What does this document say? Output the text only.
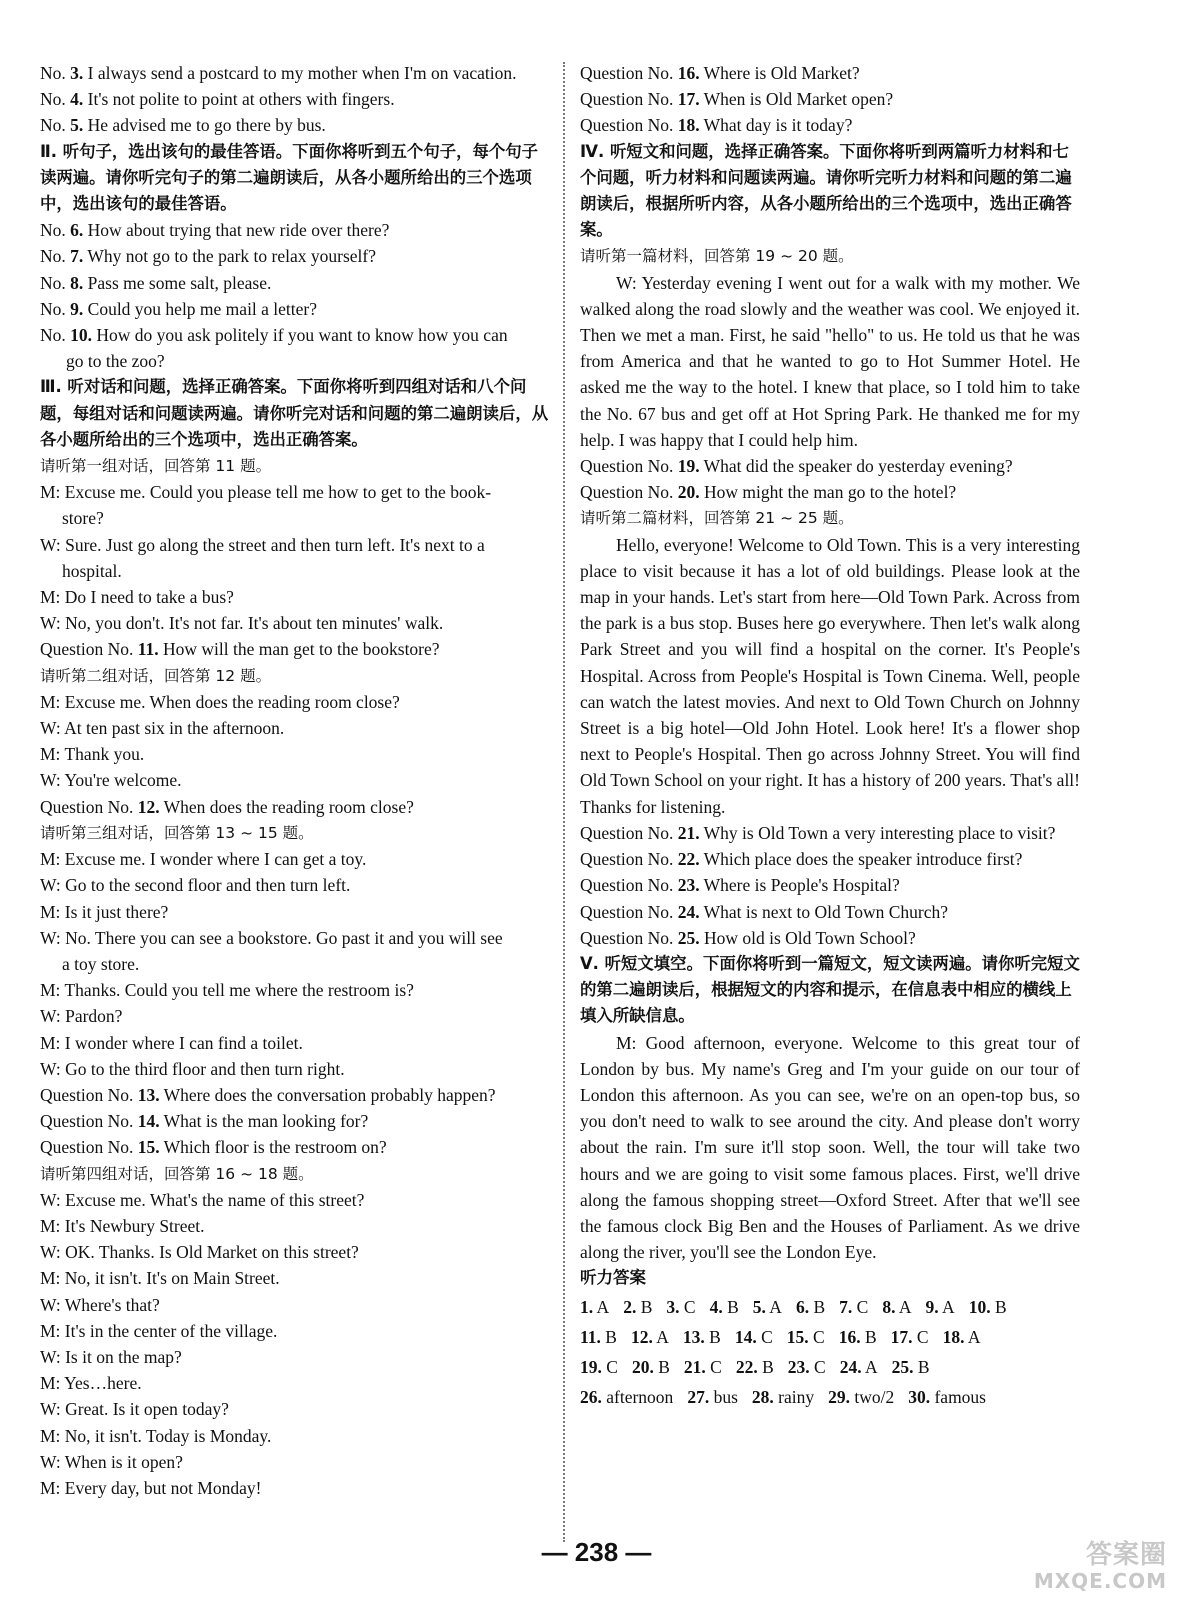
No. 3. I always send a postcard to my mother when I'm on vacation.
No. 4. It's not polite to point at others with fingers.
No. 5. He advised me to go there by bus.
Ⅱ. 听句子，选出该句的最佳答语。下面你将听到五个句子，每个句子读两遍。请你听完句子的第二遍朗读后，从各小题所给出的三个选项中，选出该句的最佳答语。
No. 6. How about trying that new ride over there?
No. 7. Why not go to the park to relax yourself?
No. 8. Pass me some salt, please.
No. 9. Could you help me mail a letter?
No. 10. How do you ask politely if you want to know how you can
go to the zoo?
Ⅲ. 听对话和问题，选择正确答案。下面你将听到四组对话和八个问题，每组对话和问题读两遍。请你听完对话和问题的第二遍朗读后，从各小题所给出的三个选项中，选出正确答案。
请听第一组对话，回答第 11 题。
M: Excuse me. Could you please tell me how to get to the book-
store?
W: Sure. Just go along the street and then turn left. It's next to a
hospital.
M: Do I need to take a bus?
W: No, you don't. It's not far. It's about ten minutes' walk.
Question No. 11. How will the man get to the bookstore?
请听第二组对话，回答第 12 题。
M: Excuse me. When does the reading room close?
W: At ten past six in the afternoon.
M: Thank you.
W: You're welcome.
Question No. 12. When does the reading room close?
请听第三组对话，回答第 13 ~ 15 题。
M: Excuse me. I wonder where I can get a toy.
W: Go to the second floor and then turn left.
M: Is it just there?
W: No. There you can see a bookstore. Go past it and you will see
a toy store.
M: Thanks. Could you tell me where the restroom is?
W: Pardon?
M: I wonder where I can find a toilet.
W: Go to the third floor and then turn right.
Question No. 13. Where does the conversation probably happen?
Question No. 14. What is the man looking for?
Question No. 15. Which floor is the restroom on?
请听第四组对话，回答第 16 ~ 18 题。
W: Excuse me. What's the name of this street?
M: It's Newbury Street.
W: OK. Thanks. Is Old Market on this street?
M: No, it isn't. It's on Main Street.
W: Where's that?
M: It's in the center of the village.
W: Is it on the map?
M: Yes…here.
W: Great. Is it open today?
M: No, it isn't. Today is Monday.
W: When is it open?
M: Every day, but not Monday!
Question No. 16. Where is Old Market?
Question No. 17. When is Old Market open?
Question No. 18. What day is it today?
Ⅳ. 听短文和问题，选择正确答案。下面你将听到两篇听力材料和七个问题，听力材料和问题读两遍。请你听完听力材料和问题的第二遍朗读后，根据所听内容，从各小题所给出的三个选项中，选出正确答案。
请听第一篇材料，回答第 19 ~ 20 题。
W: Yesterday evening I went out for a walk with my mother. We walked along the road slowly and the weather was cool. We enjoyed it. Then we met a man. First, he said "hello" to us. He told us that he was from America and that he wanted to go to Hot Summer Hotel. He asked me the way to the hotel. I knew that place, so I told him to take the No. 67 bus and get off at Hot Spring Park. He thanked me for my help. I was happy that I could help him.
Question No. 19. What did the speaker do yesterday evening?
Question No. 20. How might the man go to the hotel?
请听第二篇材料，回答第 21 ~ 25 题。
Hello, everyone! Welcome to Old Town. This is a very interesting place to visit because it has a lot of old buildings. Please look at the map in your hands. Let's start from here—Old Town Park. Across from the park is a bus stop. Buses here go everywhere. Then let's walk along Park Street and you will find a hospital on the corner. It's People's Hospital. Across from People's Hospital is Town Cinema. Well, people can watch the latest movies. And next to Old Town Church on Johnny Street is a big hotel—Old John Hotel. Look here! It's a flower shop next to People's Hospital. Then go across Johnny Street. You will find Old Town School on your right. It has a history of 200 years. That's all! Thanks for listening.
Question No. 21. Why is Old Town a very interesting place to visit?
Question No. 22. Which place does the speaker introduce first?
Question No. 23. Where is People's Hospital?
Question No. 24. What is next to Old Town Church?
Question No. 25. How old is Old Town School?
Ⅴ. 听短文填空。下面你将听到一篇短文，短文读两遍。请你听完短文的第二遍朗读后，根据短文的内容和提示，在信息表中相应的横线上填入所缺信息。
M: Good afternoon, everyone. Welcome to this great tour of London by bus. My name's Greg and I'm your guide on our tour of London this afternoon. As you can see, we're on an open-top bus, so you don't need to walk to see around the city. And please don't worry about the rain. I'm sure it'll stop soon. Well, the tour will take two hours and we are going to visit some famous places. First, we'll drive along the famous shopping street—Oxford Street. After that we'll see the famous clock Big Ben and the Houses of Parliament. As we drive along the river, you'll see the London Eye.
听力答案
1. A 2. B 3. C 4. B 5. A 6. B 7. C 8. A 9. A 10. B
11. B 12. A 13. B 14. C 15. C 16. B 17. C 18. A
19. C 20. B 21. C 22. B 23. C 24. A 25. B
26. afternoon 27. bus 28. rainy 29. two/2 30. famous
— 238 —	答案圈
MXQE.COM
